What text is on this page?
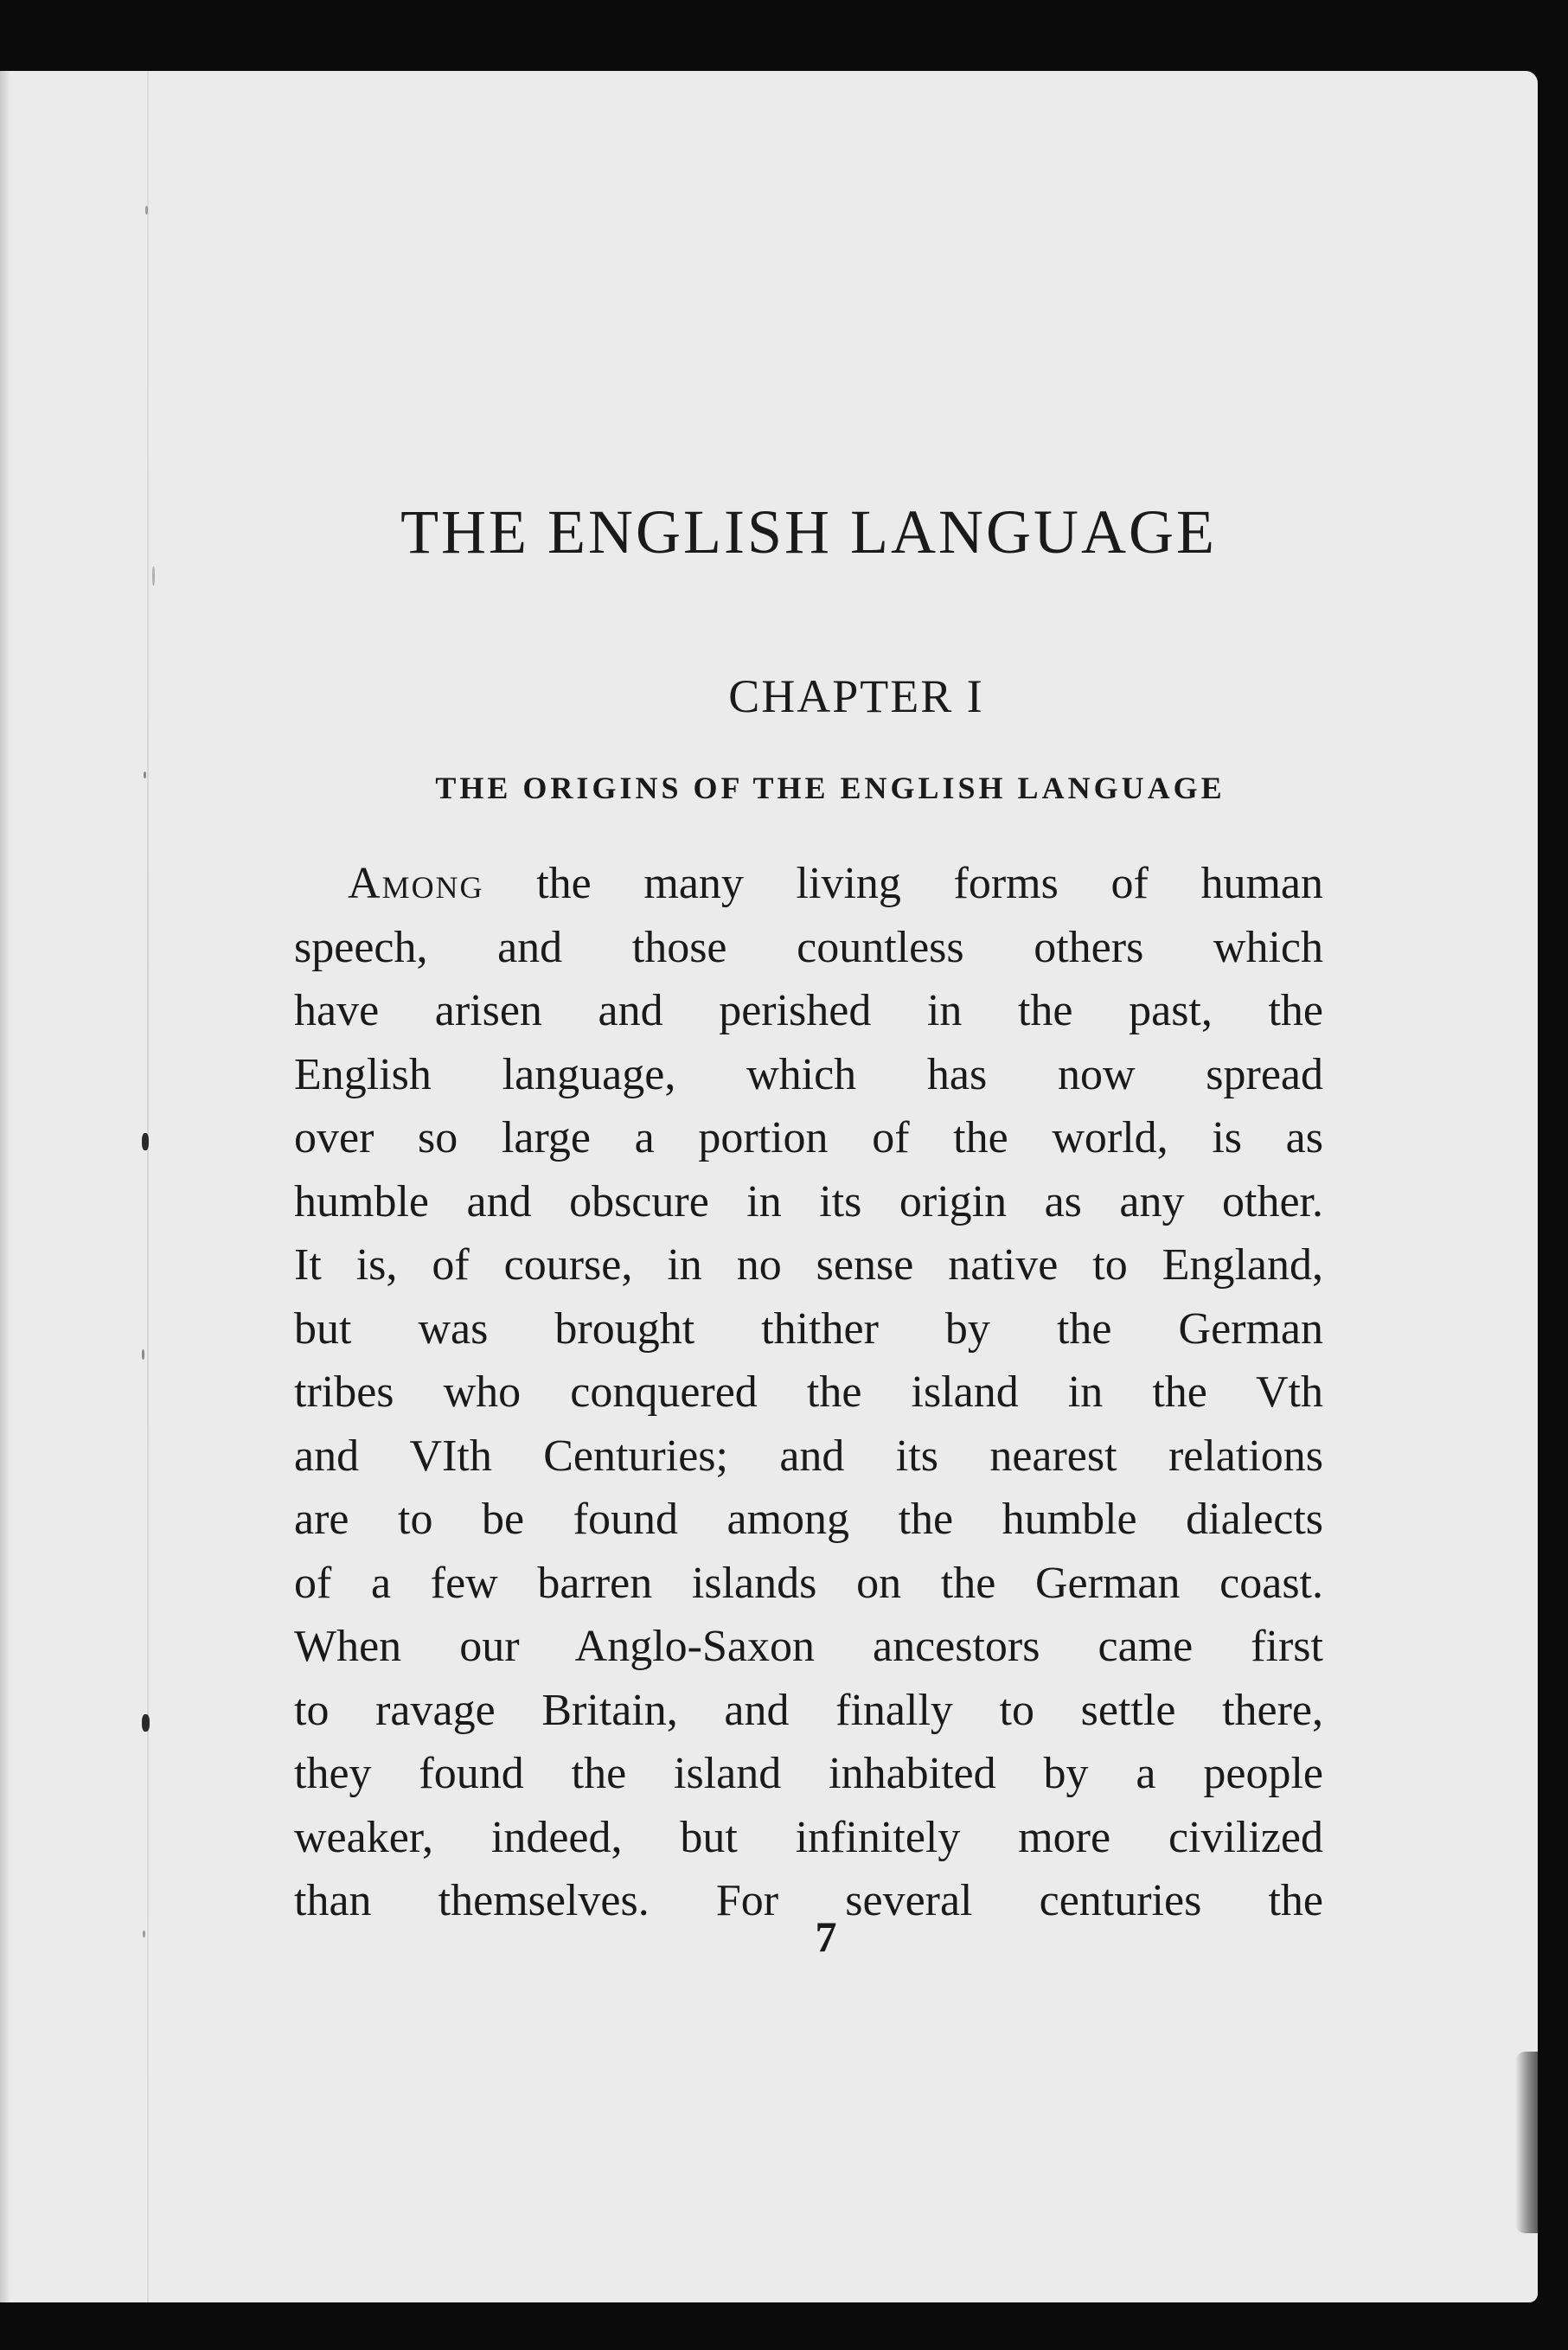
THE ENGLISH LANGUAGE
CHAPTER I
THE ORIGINS OF THE ENGLISH LANGUAGE
Among the many living forms of human
speech, and those countless others which
have arisen and perished in the past, the
English language, which has now spread
over so large a portion of the world, is as
humble and obscure in its origin as any other.
It is, of course, in no sense native to England,
but was brought thither by the German
tribes who conquered the island in the Vth
and VIth Centuries; and its nearest relations
are to be found among the humble dialects
of a few barren islands on the German coast.
When our Anglo-Saxon ancestors came first
to ravage Britain, and finally to settle there,
they found the island inhabited by a people
weaker, indeed, but infinitely more civilized
than themselves. For several centuries the
7
